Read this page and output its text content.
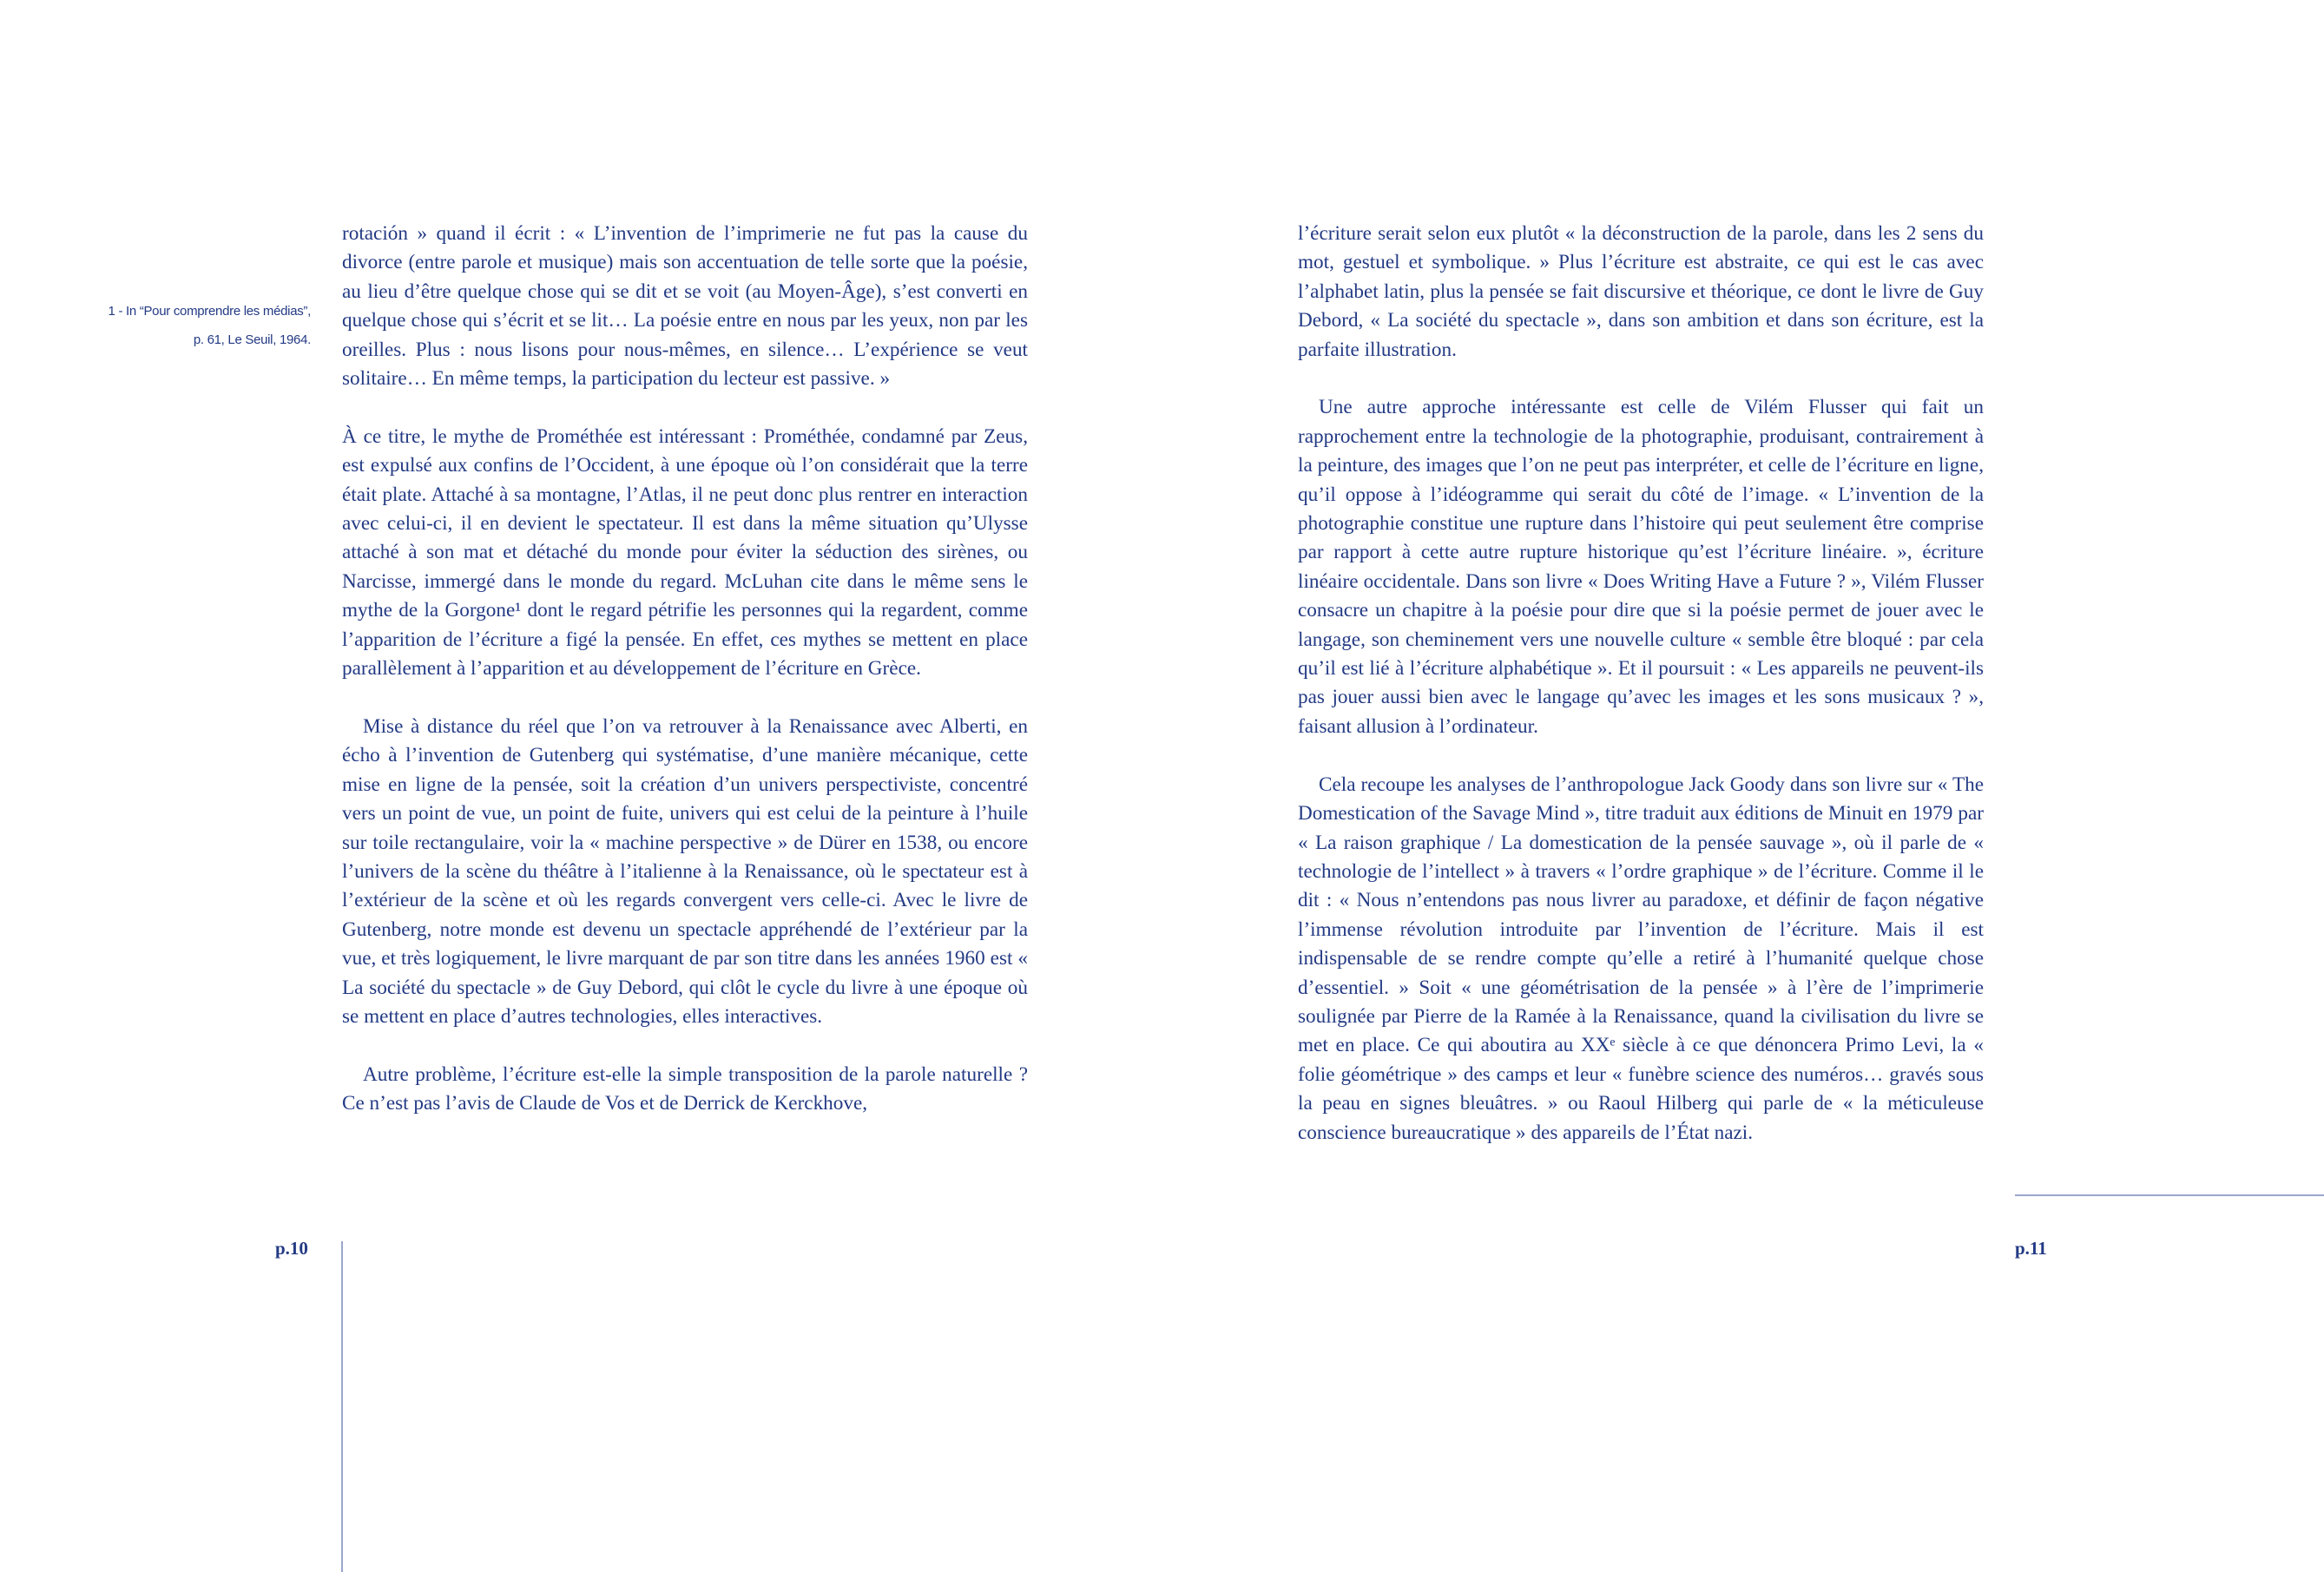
1 - In “Pour comprendre les médias”,
p. 61, Le Seuil, 1964.

rotación » quand il écrit : « L’invention de l’imprimerie ne fut pas la cause du divorce (entre parole et musique) mais son accentuation de telle sorte que la poésie, au lieu d’être quelque chose qui se dit et se voit (au Moyen-Âge), s’est converti en quelque chose qui s’écrit et se lit… La poésie entre en nous par les yeux, non par les oreilles. Plus : nous lisons pour nous-mêmes, en silence… L’expérience se veut solitaire… En même temps, la participation du lecteur est passive. »

À ce titre, le mythe de Prométhée est intéressant : Prométhée, condamné par Zeus, est expulsé aux confins de l’Occident, à une époque où l’on considérait que la terre était plate. Attaché à sa montagne, l’Atlas, il ne peut donc plus rentrer en interaction avec celui-ci, il en devient le spectateur. Il est dans la même situation qu’Ulysse attaché à son mat et détaché du monde pour éviter la séduction des sirènes, ou Narcisse, immergé dans le monde du regard. McLuhan cite dans le même sens le mythe de la Gorgone¹ dont le regard pétrifie les personnes qui la regardent, comme l’apparition de l’écriture a figé la pensée. En effet, ces mythes se mettent en place parallèlement à l’apparition et au développement de l’écriture en Grèce.

Mise à distance du réel que l’on va retrouver à la Renaissance avec Alberti, en écho à l’invention de Gutenberg qui systématise, d’une manière mécanique, cette mise en ligne de la pensée, soit la création d’un univers perspectiviste, concentré vers un point de vue, un point de fuite, univers qui est celui de la peinture à l’huile sur toile rectangulaire, voir la « machine perspective » de Dürer en 1538, ou encore l’univers de la scène du théâtre à l’italienne à la Renaissance, où le spectateur est à l’extérieur de la scène et où les regards convergent vers celle-ci. Avec le livre de Gutenberg, notre monde est devenu un spectacle appréhendé de l’extérieur par la vue, et très logiquement, le livre marquant de par son titre dans les années 1960 est « La société du spectacle » de Guy Debord, qui clôt le cycle du livre à une époque où se mettent en place d’autres technologies, elles interactives.

Autre problème, l’écriture est-elle la simple transposition de la parole naturelle ? Ce n’est pas l’avis de Claude de Vos et de Derrick de Kerckhove,

l’écriture serait selon eux plutôt « la déconstruction de la parole, dans les 2 sens du mot, gestuel et symbolique. » Plus l’écriture est abstraite, ce qui est le cas avec l’alphabet latin, plus la pensée se fait discursive et théorique, ce dont le livre de Guy Debord, « La société du spectacle », dans son ambition et dans son écriture, est la parfaite illustration.

Une autre approche intéressante est celle de Vilém Flusser qui fait un rapprochement entre la technologie de la photographie, produisant, contrairement à la peinture, des images que l’on ne peut pas interpréter, et celle de l’écriture en ligne, qu’il oppose à l’idéogramme qui serait du côté de l’image. « L’invention de la photographie constitue une rupture dans l’histoire qui peut seulement être comprise par rapport à cette autre rupture historique qu’est l’écriture linéaire. », écriture linéaire occidentale. Dans son livre « Does Writing Have a Future ? », Vilém Flusser consacre un chapitre à la poésie pour dire que si la poésie permet de jouer avec le langage, son cheminement vers une nouvelle culture « semble être bloqué : par cela qu’il est lié à l’écriture alphabétique ». Et il poursuit : « Les appareils ne peuvent-ils pas jouer aussi bien avec le langage qu’avec les images et les sons musicaux ? », faisant allusion à l’ordinateur.

Cela recoupe les analyses de l’anthropologue Jack Goody dans son livre sur « The Domestication of the Savage Mind », titre traduit aux éditions de Minuit en 1979 par « La raison graphique / La domestication de la pensée sauvage », où il parle de « technologie de l’intellect » à travers « l’ordre graphique » de l’écriture. Comme il le dit : « Nous n’entendons pas nous livrer au paradoxe, et définir de façon négative l’immense révolution introduite par l’invention de l’écriture. Mais il est indispensable de se rendre compte qu’elle a retiré à l’humanité quelque chose d’essentiel. » Soit « une géométrisation de la pensée » à l’ère de l’imprimerie soulignée par Pierre de la Ramée à la Renaissance, quand la civilisation du livre se met en place. Ce qui aboutira au XXᵉ siècle à ce que dénoncera Primo Levi, la « folie géométrique » des camps et leur « funèbre science des numéros… gravés sous la peau en signes bleuâtres. » ou Raoul Hilberg qui parle de « la méticuleuse conscience bureaucratique » des appareils de l’État nazi.

p.10	p.11
